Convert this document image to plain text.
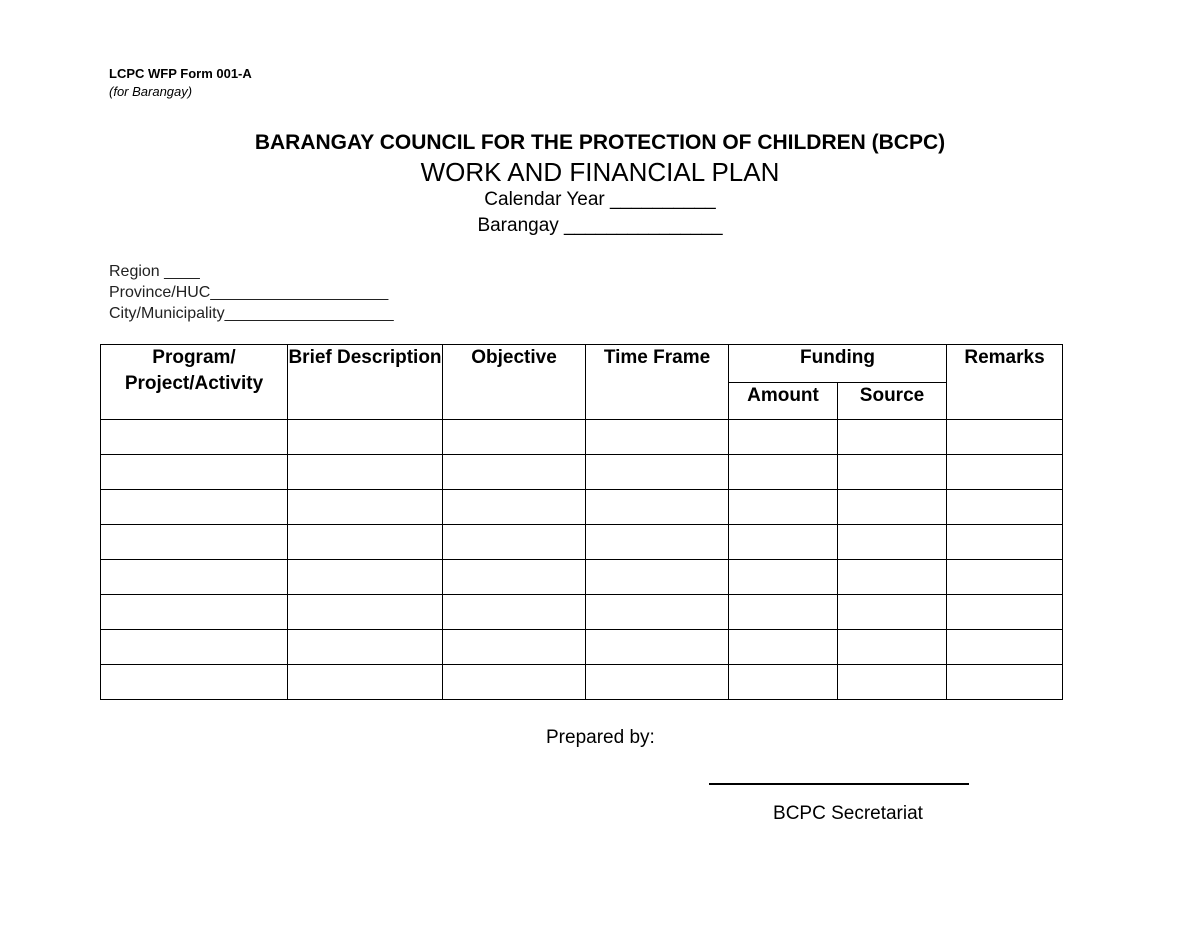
LCPC WFP Form 001-A
(for Barangay)
BARANGAY COUNCIL FOR THE PROTECTION OF CHILDREN (BCPC)
WORK AND FINANCIAL PLAN
Calendar Year __________
Barangay _______________
Region ____
Province/HUC____________________
City/Municipality___________________
Program/ Project/Activity	Brief Description	Objective	Time Frame	Funding		Remarks
				Amount	Source	

Prepared by:
BCPC Secretariat
